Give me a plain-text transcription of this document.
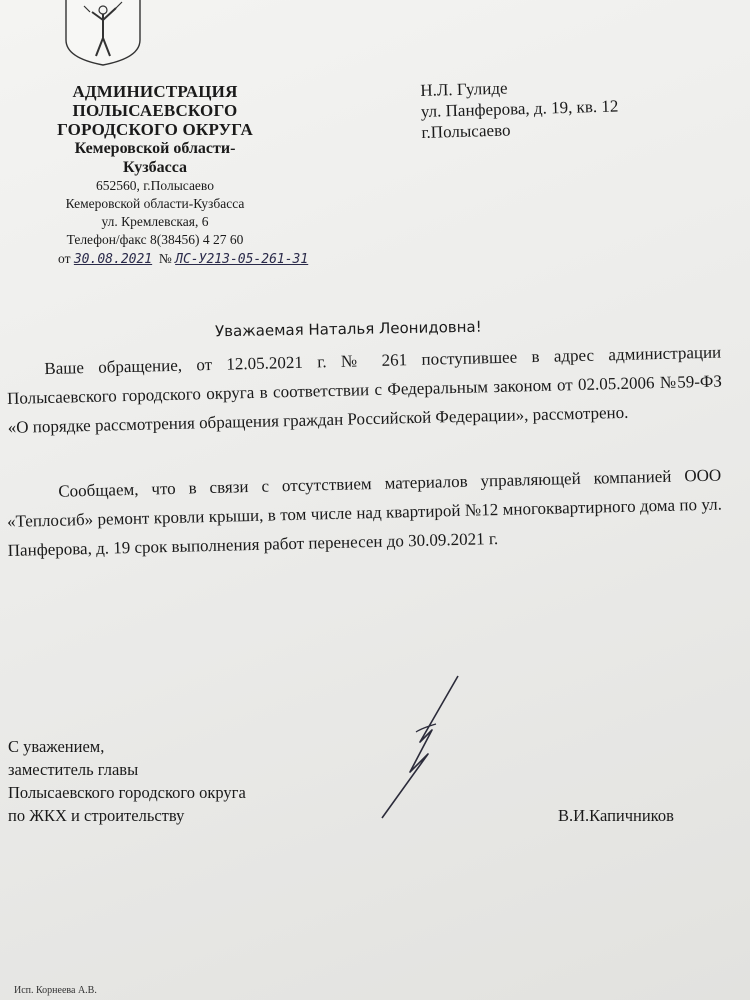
АДМИНИСТРАЦИЯ
ПОЛЫСАЕВСКОГО
ГОРОДСКОГО ОКРУГА
Кемеровской области-
Кузбасса
652560, г.Полысаево
Кемеровской области-Кузбасса
ул. Кремлевская, 6
Телефон/факс 8(38456) 4 27 60
от 30.08.2021 № ЛС-У213-05-261-31
Н.Л. Гулиде
ул. Панферова, д. 19, кв. 12
г.Полысаево
Уважаемая Наталья Леонидовна!
Ваше обращение, от 12.05.2021 г. № 261 поступившее в адрес администрации Полысаевского городского округа в соответствии с Федеральным законом от 02.05.2006 №59-ФЗ «О порядке рассмотрения обращения граждан Российской Федерации», рассмотрено.
Сообщаем, что в связи с отсутствием материалов управляющей компанией ООО «Теплосиб» ремонт кровли крыши, в том числе над квартирой №12 многоквартирного дома по ул. Панферова, д. 19 срок выполнения работ перенесен до 30.09.2021 г.
С уважением,
заместитель главы
Полысаевского городского округа
по ЖКХ и строительству	В.И.Капичников
Исп. Корнеева А.В.
